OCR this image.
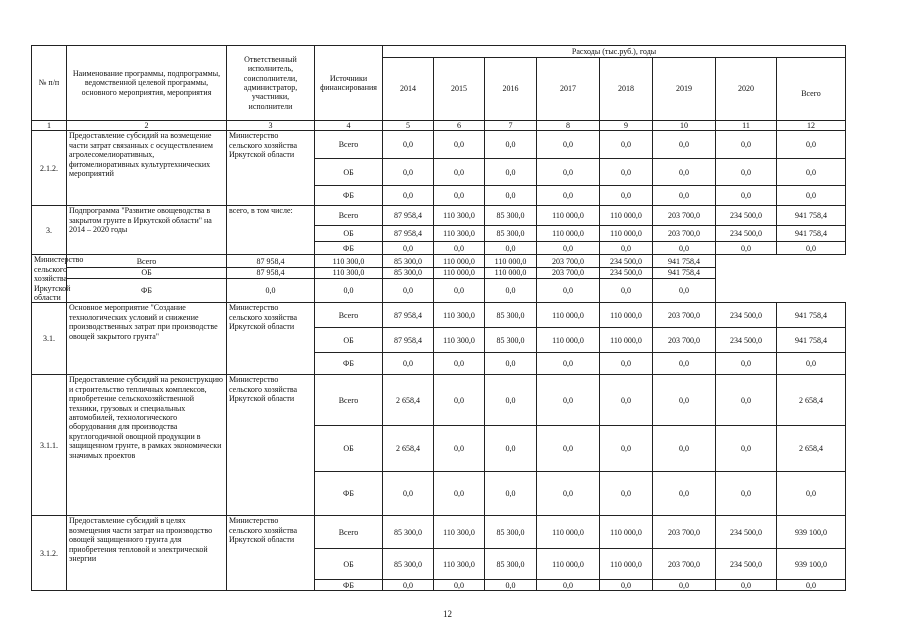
№ п/п	Наименование программы, подпрограммы, ведомственной целевой программы, основного мероприятия, мероприятия	Ответственный исполнитель, соисполнители, администратор, участники, исполнители	Источники финансирования	Расходы (тыс.руб.), годы							
				2014	2015	2016	2017	2018	2019	2020	Всего
1	2	3	4	5	6	7	8	9	10	11	12
2.1.2.	Предоставление субсидий на возмещение части затрат связанных с осуществлением агролесомелиоративных, фитомелиоративных культуртехнических мероприятий	Министерство сельского хозяйства Иркутской области	Всего	0,0	0,0	0,0	0,0	0,0	0,0	0,0	0,0
			ОБ	0,0	0,0	0,0	0,0	0,0	0,0	0,0	0,0
			ФБ	0,0	0,0	0,0	0,0	0,0	0,0	0,0	0,0
3.	Подпрограмма "Развитие овощеводства в закрытом грунте в Иркутской области" на 2014 – 2020 годы	всего, в том числе:	Всего	87 958,4	110 300,0	85 300,0	110 000,0	110 000,0	203 700,0	234 500,0	941 758,4
			ОБ	87 958,4	110 300,0	85 300,0	110 000,0	110 000,0	203 700,0	234 500,0	941 758,4
			ФБ	0,0	0,0	0,0	0,0	0,0	0,0	0,0	0,0
Министерство сельского хозяйства Иркутской области	Всего	87 958,4	110 300,0	85 300,0	110 000,0	110 000,0	203 700,0	234 500,0	941 758,4		
	ОБ	87 958,4	110 300,0	85 300,0	110 000,0	110 000,0	203 700,0	234 500,0	941 758,4		
	ФБ	0,0	0,0	0,0	0,0	0,0	0,0	0,0	0,0		
3.1.	Основное мероприятие "Создание технологических условий и снижение производственных затрат при производстве овощей закрытого грунта"	Министерство сельского хозяйства Иркутской области	Всего	87 958,4	110 300,0	85 300,0	110 000,0	110 000,0	203 700,0	234 500,0	941 758,4
			ОБ	87 958,4	110 300,0	85 300,0	110 000,0	110 000,0	203 700,0	234 500,0	941 758,4
			ФБ	0,0	0,0	0,0	0,0	0,0	0,0	0,0	0,0
3.1.1.	Предоставление субсидий на реконструкцию и строительство тепличных комплексов, приобретение сельскохозяйственной техники, грузовых и специальных автомобилей, технологического оборудования для производства круглогодичной овощной продукции в защищенном грунте, в рамках экономически значимых проектов	Министерство сельского хозяйства Иркутской области	Всего	2 658,4	0,0	0,0	0,0	0,0	0,0	0,0	2 658,4
			ОБ	2 658,4	0,0	0,0	0,0	0,0	0,0	0,0	2 658,4
			ФБ	0,0	0,0	0,0	0,0	0,0	0,0	0,0	0,0
3.1.2.	Предоставление субсидий в целях возмещения части затрат на производство овощей защищенного грунта для приобретения тепловой и электрической энергии	Министерство сельского хозяйства Иркутской области	Всего	85 300,0	110 300,0	85 300,0	110 000,0	110 000,0	203 700,0	234 500,0	939 100,0
			ОБ	85 300,0	110 300,0	85 300,0	110 000,0	110 000,0	203 700,0	234 500,0	939 100,0
			ФБ	0,0	0,0	0,0	0,0	0,0	0,0	0,0	0,0
12
